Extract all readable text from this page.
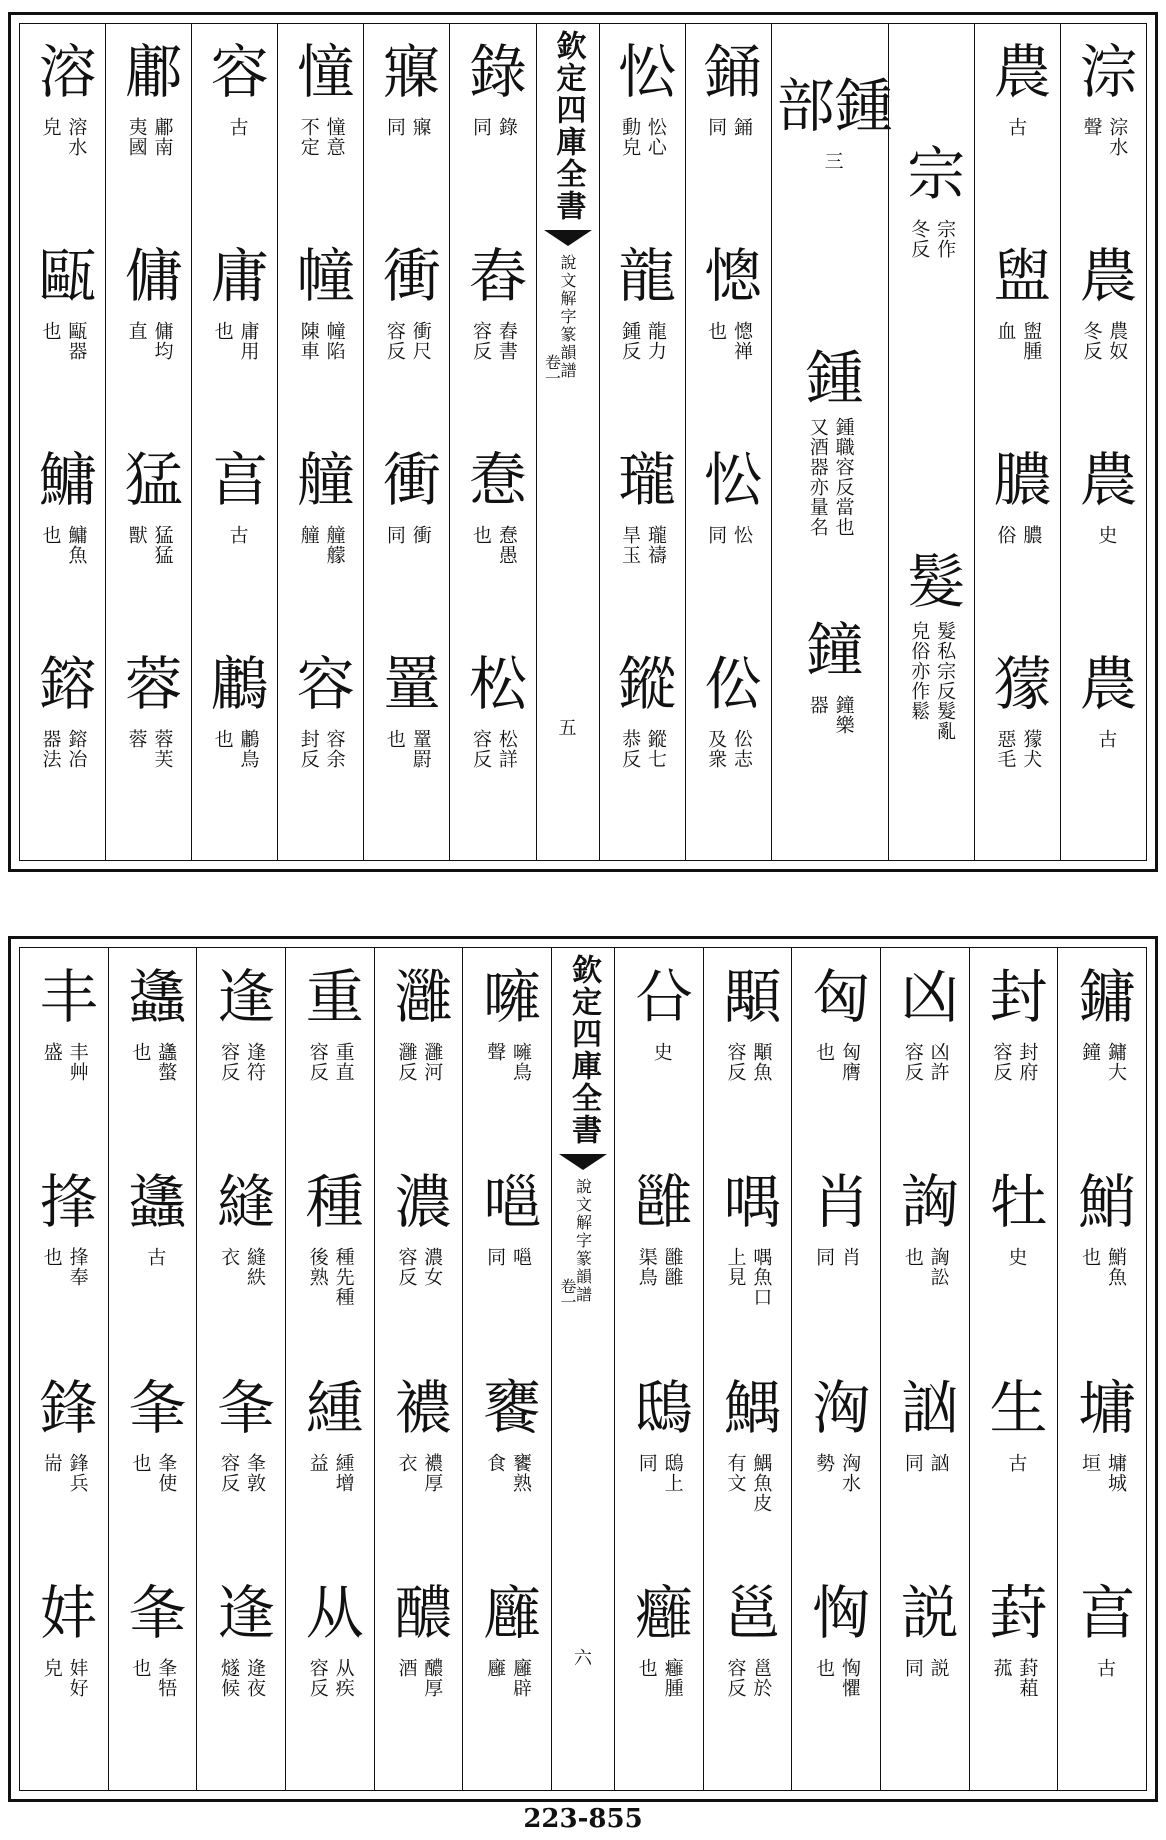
淙
淙水
聲
農
農奴
冬反
農
史
農
古
農
古
盥
盥腫
血
膿
膿
俗
獴
獴犬
惡毛
宗
宗作
冬反
髮
髮私宗反髮亂
皃俗亦作鬆
鍾部
三
鍾
鍾職容反當也
又酒器亦量名
鐘
鐘樂
器
銿
銿
同
憁
憁禅
也
忪
忪
同
伀
伀志
及衆
忪
忪心
動皃
龍
龍力
鍾反
瓏
瓏禱
旱玉
鏦
鏦七
恭反
欽定四庫全書
說文解字篆韻譜
卷一
五
錄
錄
同
舂
舂書
容反
惷
惷愚
也
松
松詳
容反
寱
寱
同
衝
衝尺
容反
衝
衝
同
罿
罿罻
也
憧
憧意
不定
幢
幢陷
陳車
艟
艟艨
艟
容
容余
封反
容
古
庸
庸用
也
亯
古
鷛
鷛鳥
也
鄘
鄘南
夷國
傭
傭均
直
猛
猛猛
獸
蓉
蓉芙
蓉
溶
溶水
皃
甌
甌器
也
鱅
鱅魚
也
鎔
鎔冶
器法
鏞
鏞大
鐘
鮹
鮹魚
也
墉
墉城
垣
亯
古
封
封府
容反
牡
史
生
古
葑
葑蒩
菰
凶
凶許
容反
詾
詾訟
也
訩
訩
同
説
説
同
匈
匈膺
也
肖
肖
同
洶
洶水
勢
恟
恟懼
也
顒
顒魚
容反
喁
喁魚口
上見
鰅
鰅魚皮
有文
邕
邕於
容反
㕣
史
雝
雝雝
渠鳥
鴟
鴟上
同
癰
癰腫
也
欽定四庫全書
說文解字篆韻譜
卷一
六
噰
噰鳥
聲
嗈
嗈
同
饔
饔熟
食
廱
廱辟
廱
灉
灉河
灉反
濃
濃女
容反
襛
襛厚
衣
醲
醲厚
酒
重
重直
容反
種
種先種
後熟
緟
緟增
益
从
从疾
容反
逢
逢符
容反
縫
縫紩
衣
夆
夆敦
容反
逢
逄夜
燧候
蠭
蠭螫
也
蠭
古
夆
夆使
也
夆
夆牾
也
丰
丰艸
盛
捀
捀奉
也
鋒
鋒兵
耑
妦
妦好
皃
223-855
